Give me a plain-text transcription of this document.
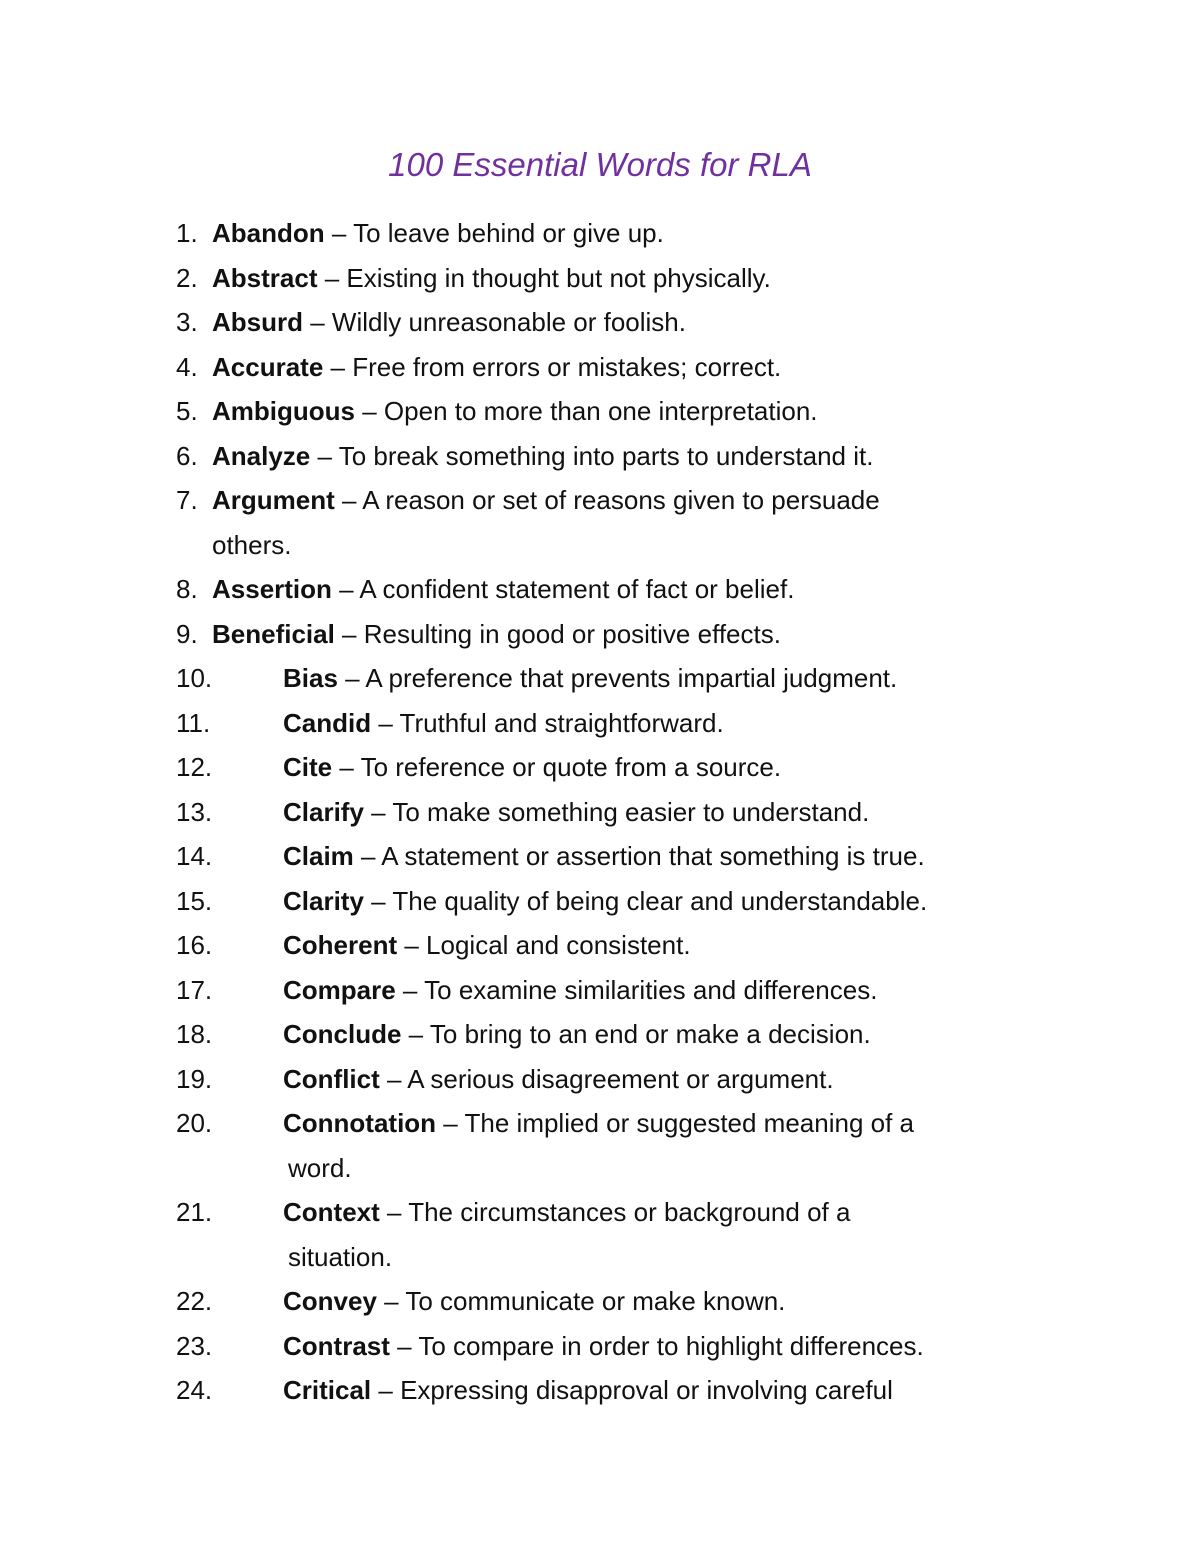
100 Essential Words for RLA
1. Abandon – To leave behind or give up.
2. Abstract – Existing in thought but not physically.
3. Absurd – Wildly unreasonable or foolish.
4. Accurate – Free from errors or mistakes; correct.
5. Ambiguous – Open to more than one interpretation.
6. Analyze – To break something into parts to understand it.
7. Argument – A reason or set of reasons given to persuade
others.
8. Assertion – A confident statement of fact or belief.
9. Beneficial – Resulting in good or positive effects.
10.	Bias – A preference that prevents impartial judgment.
11.	Candid – Truthful and straightforward.
12.	Cite – To reference or quote from a source.
13.	Clarify – To make something easier to understand.
14.	Claim – A statement or assertion that something is true.
15.	Clarity – The quality of being clear and understandable.
16.	Coherent – Logical and consistent.
17.	Compare – To examine similarities and differences.
18.	Conclude – To bring to an end or make a decision.
19.	Conflict – A serious disagreement or argument.
20.	Connotation – The implied or suggested meaning of a
word.
21.	Context – The circumstances or background of a
situation.
22.	Convey – To communicate or make known.
23.	Contrast – To compare in order to highlight differences.
24.	Critical – Expressing disapproval or involving careful
